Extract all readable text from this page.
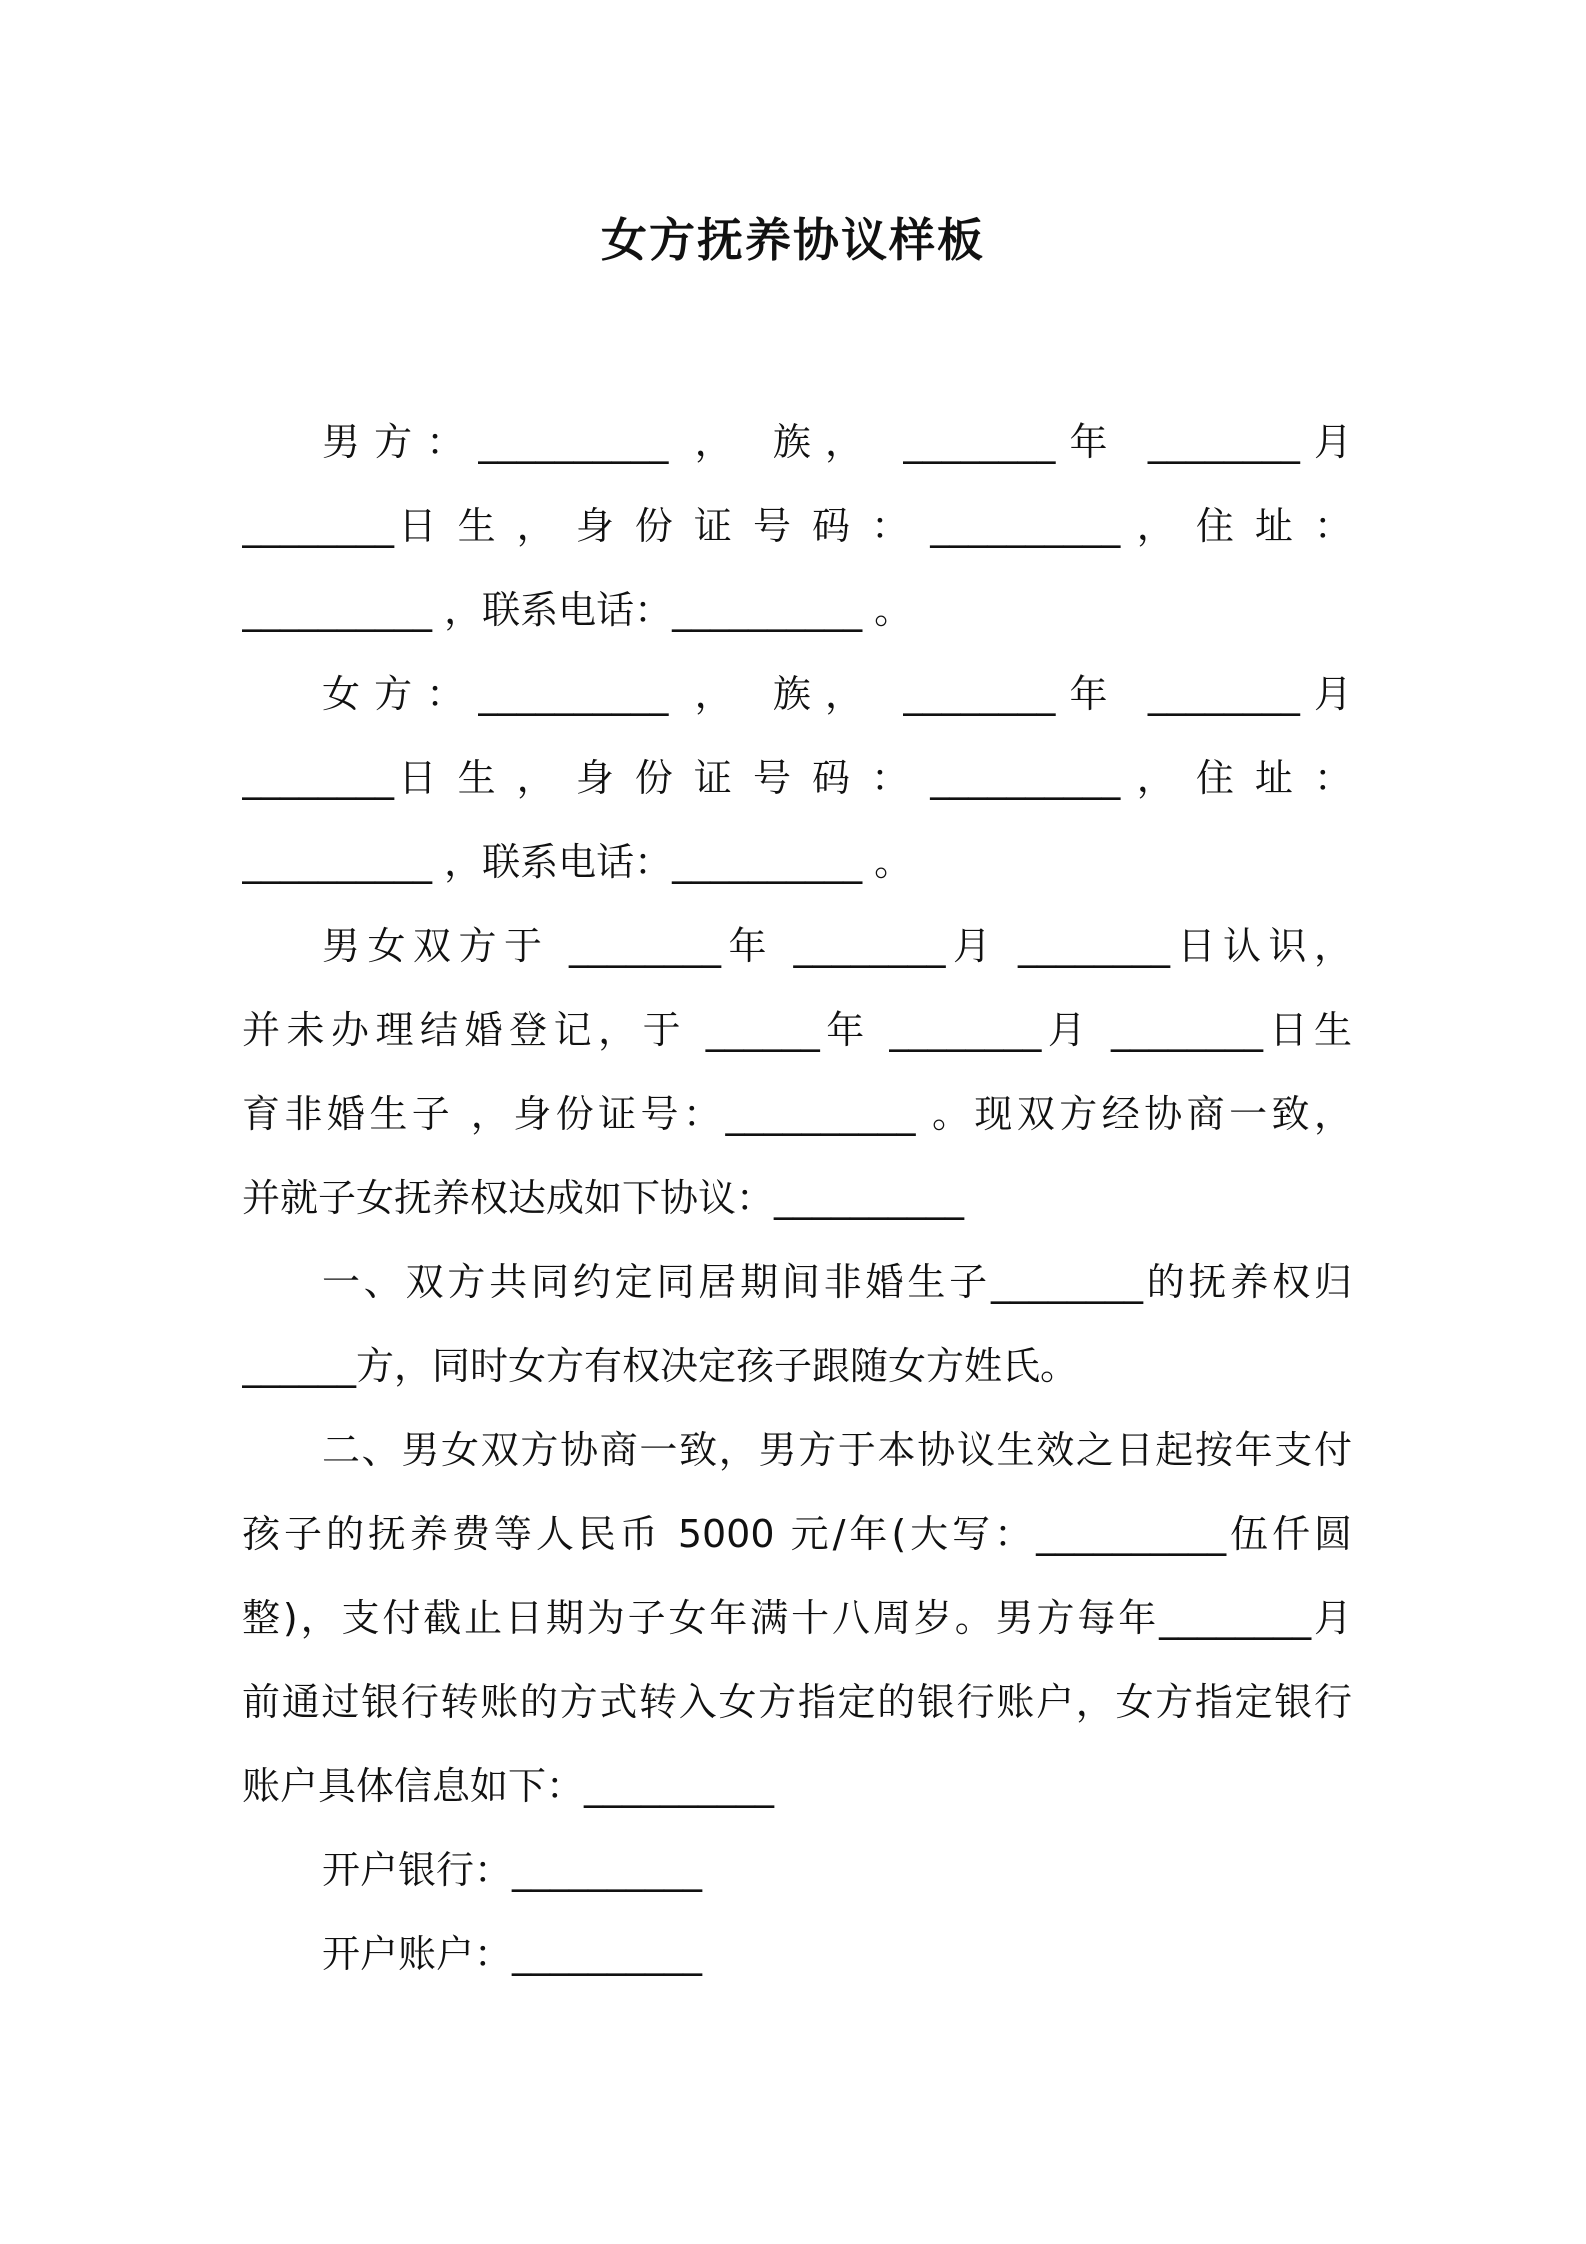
女方抚养协议样板
男方：__________ ， 族， ________年 ________月
________日 生 ， 身 份 证 号 码 ： __________ ， 住 址 ：
__________ ，联系电话：__________ 。
女方：__________ ， 族， ________年 ________月
________日 生 ， 身 份 证 号 码 ： __________ ， 住 址 ：
__________ ，联系电话：__________ 。
男女双方于 ________年 ________月 ________日认识，
并未办理结婚登记，于 ______年 ________月 ________日生
育非婚生子 ，身份证号：__________ 。现双方经协商一致，
并就子女抚养权达成如下协议：__________
一、双方共同约定同居期间非婚生子________的抚养权归
______方，同时女方有权决定孩子跟随女方姓氏。
二、男女双方协商一致，男方于本协议生效之日起按年支付
孩子的抚养费等人民币 5000 元/年(大写：__________伍仟圆
整)，支付截止日期为子女年满十八周岁。男方每年________月
前通过银行转账的方式转入女方指定的银行账户，女方指定银行
账户具体信息如下：__________
开户银行：__________
开户账户：__________
